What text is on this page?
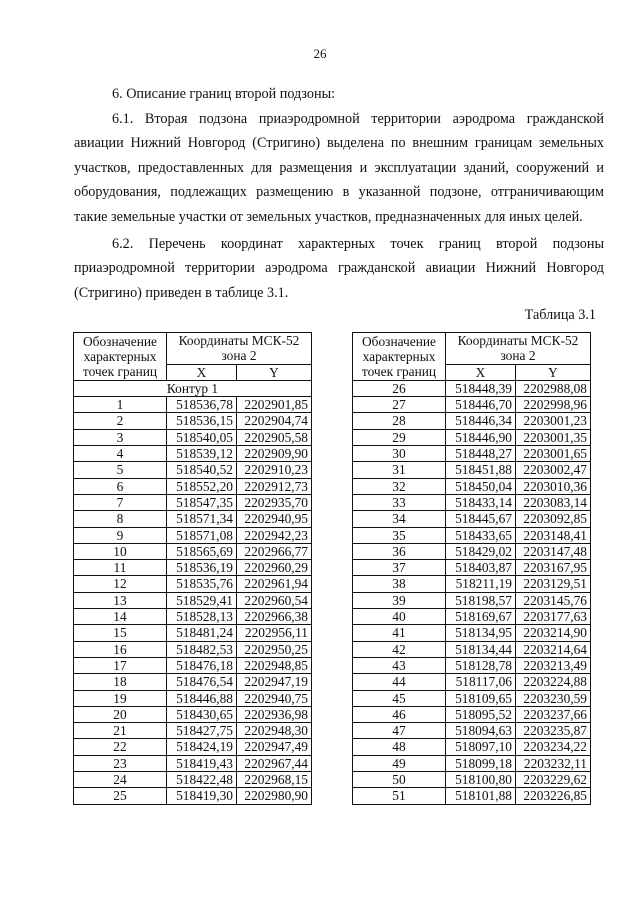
26
6. Описание границ второй подзоны:

6.1. Вторая подзона приаэродромной территории аэродрома гражданской авиации Нижний Новгород (Стригино) выделена по внешним границам земельных участков, предоставленных для размещения и эксплуатации зданий, сооружений и оборудования, подлежащих размещению в указанной подзоне, отграничивающим такие земельные участки от земельных участков, предназначенных для иных целей.

6.2. Перечень координат характерных точек границ второй подзоны приаэродромной территории аэродрома гражданской авиации Нижний Новгород (Стригино) приведен в таблице 3.1.

Таблица 3.1
Обозначение
характерных
точек границ	Координаты МСК-52
зона 2	

	X	Y
Контур 1		
1	518536,78	2202901,85
2	518536,15	2202904,74
3	518540,05	2202905,58
4	518539,12	2202909,90
5	518540,52	2202910,23
6	518552,20	2202912,73
7	518547,35	2202935,70
8	518571,34	2202940,95
9	518571,08	2202942,23
10	518565,69	2202966,77
11	518536,19	2202960,29
12	518535,76	2202961,94
13	518529,41	2202960,54
14	518528,13	2202966,38
15	518481,24	2202956,11
16	518482,53	2202950,25
17	518476,18	2202948,85
18	518476,54	2202947,19
19	518446,88	2202940,75
20	518430,65	2202936,98
21	518427,75	2202948,30
22	518424,19	2202947,49
23	518419,43	2202967,44
24	518422,48	2202968,15
25	518419,30	2202980,90
Обозначение
характерных
точек границ	Координаты МСК-52
зона 2	

	X	Y
26	518448,39	2202988,08
27	518446,70	2202998,96
28	518446,34	2203001,23
29	518446,90	2203001,35
30	518448,27	2203001,65
31	518451,88	2203002,47
32	518450,04	2203010,36
33	518433,14	2203083,14
34	518445,67	2203092,85
35	518433,65	2203148,41
36	518429,02	2203147,48
37	518403,87	2203167,95
38	518211,19	2203129,51
39	518198,57	2203145,76
40	518169,67	2203177,63
41	518134,95	2203214,90
42	518134,44	2203214,64
43	518128,78	2203213,49
44	518117,06	2203224,88
45	518109,65	2203230,59
46	518095,52	2203237,66
47	518094,63	2203235,87
48	518097,10	2203234,22
49	518099,18	2203232,11
50	518100,80	2203229,62
51	518101,88	2203226,85
